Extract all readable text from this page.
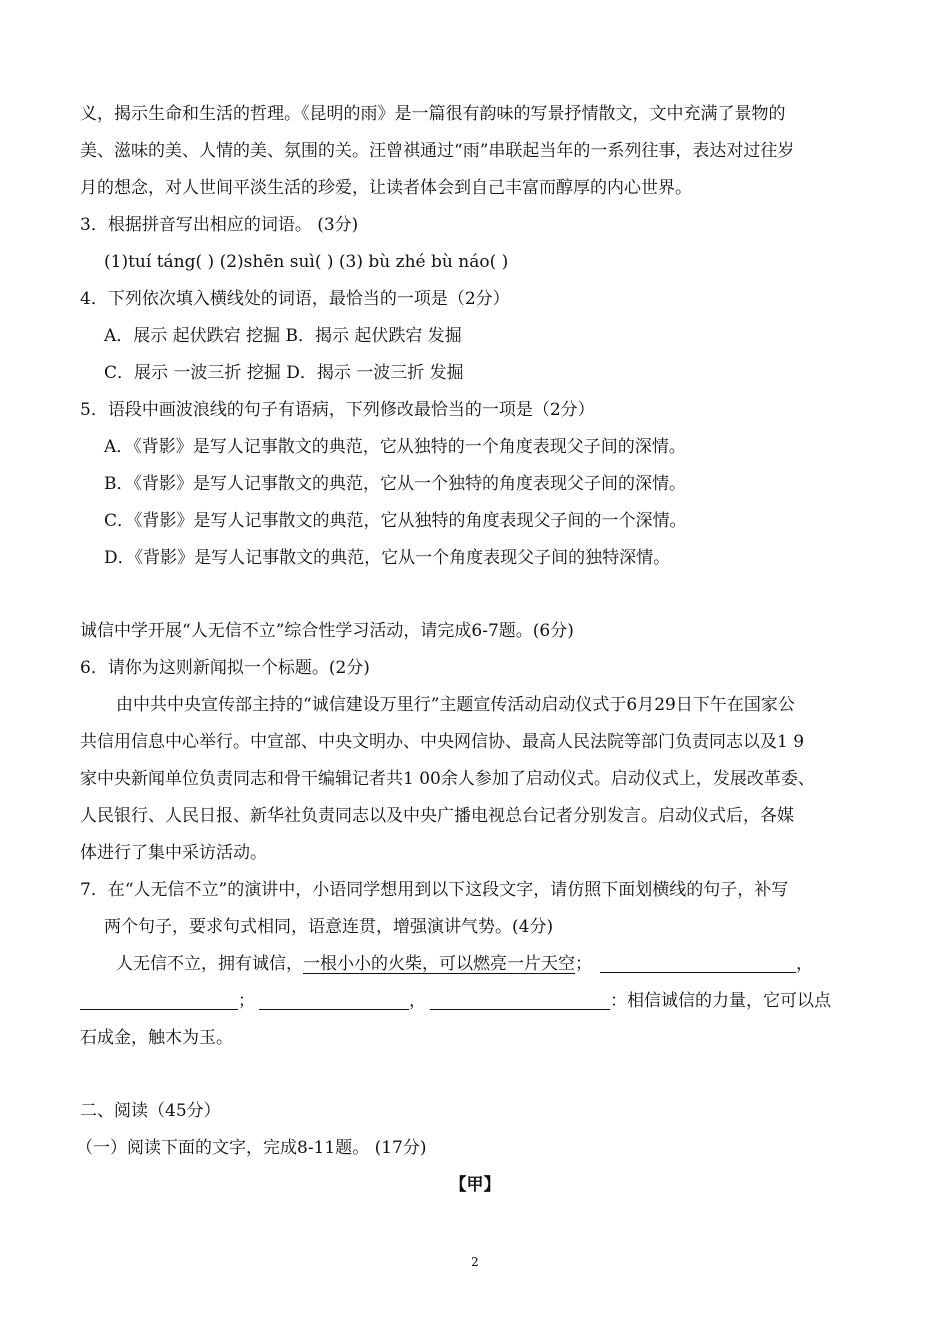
义，揭示生命和生活的哲理。《昆明的雨》是一篇很有韵味的写景抒情散文，文中充满了景物的
美、滋味的美、人情的美、氛围的关。汪曾祺通过“雨”串联起当年的一系列往事，表达对过往岁
月的想念，对人世间平淡生活的珍爱，让读者体会到自己丰富而醇厚的内心世界。
3．根据拼音写出相应的词语。 (3分)
(1)tuí táng( ) (2)shēn suì( ) (3) bù zhé bù náo( )
4．下列依次填入横线处的词语，最恰当的一项是（2分）
A．展示 起伏跌宕 挖掘 B．揭示 起伏跌宕 发掘
C．展示 一波三折 挖掘 D．揭示 一波三折 发掘
5．语段中画波浪线的句子有语病，下列修改最恰当的一项是（2分）
A．《背影》是写人记事散文的典范，它从独特的一个角度表现父子间的深情。
B．《背影》是写人记事散文的典范，它从一个独特的角度表现父子间的深情。
C．《背影》是写人记事散文的典范，它从独特的角度表现父子间的一个深情。
D．《背影》是写人记事散文的典范，它从一个角度表现父子间的独特深情。
诚信中学开展“人无信不立”综合性学习活动，请完成6-7题。(6分)
6．请你为这则新闻拟一个标题。(2分)
由中共中央宣传部主持的“诚信建设万里行”主题宣传活动启动仪式于6月29日下午在国家公
共信用信息中心举行。中宣部、中央文明办、中央网信协、最高人民法院等部门负责同志以及1 9
家中央新闻单位负责同志和骨干编辑记者共1 00余人参加了启动仪式。启动仪式上，发展改革委、
人民银行、人民日报、新华社负责同志以及中央广播电视总台记者分别发言。启动仪式后，各媒
体进行了集中采访活动。
7．在“人无信不立”的演讲中，小语同学想用到以下这段文字，请仿照下面划横线的句子，补写
两个句子，要求句式相同，语意连贯，增强演讲气势。(4分)
人无信不立，拥有诚信，一根小小的火柴，可以燃亮一片天空；	，
；	，	：相信诚信的力量，它可以点
石成金，触木为玉。
二、阅读（45分）
（一）阅读下面的文字，完成8-11题。 (17分)
【甲】
2
